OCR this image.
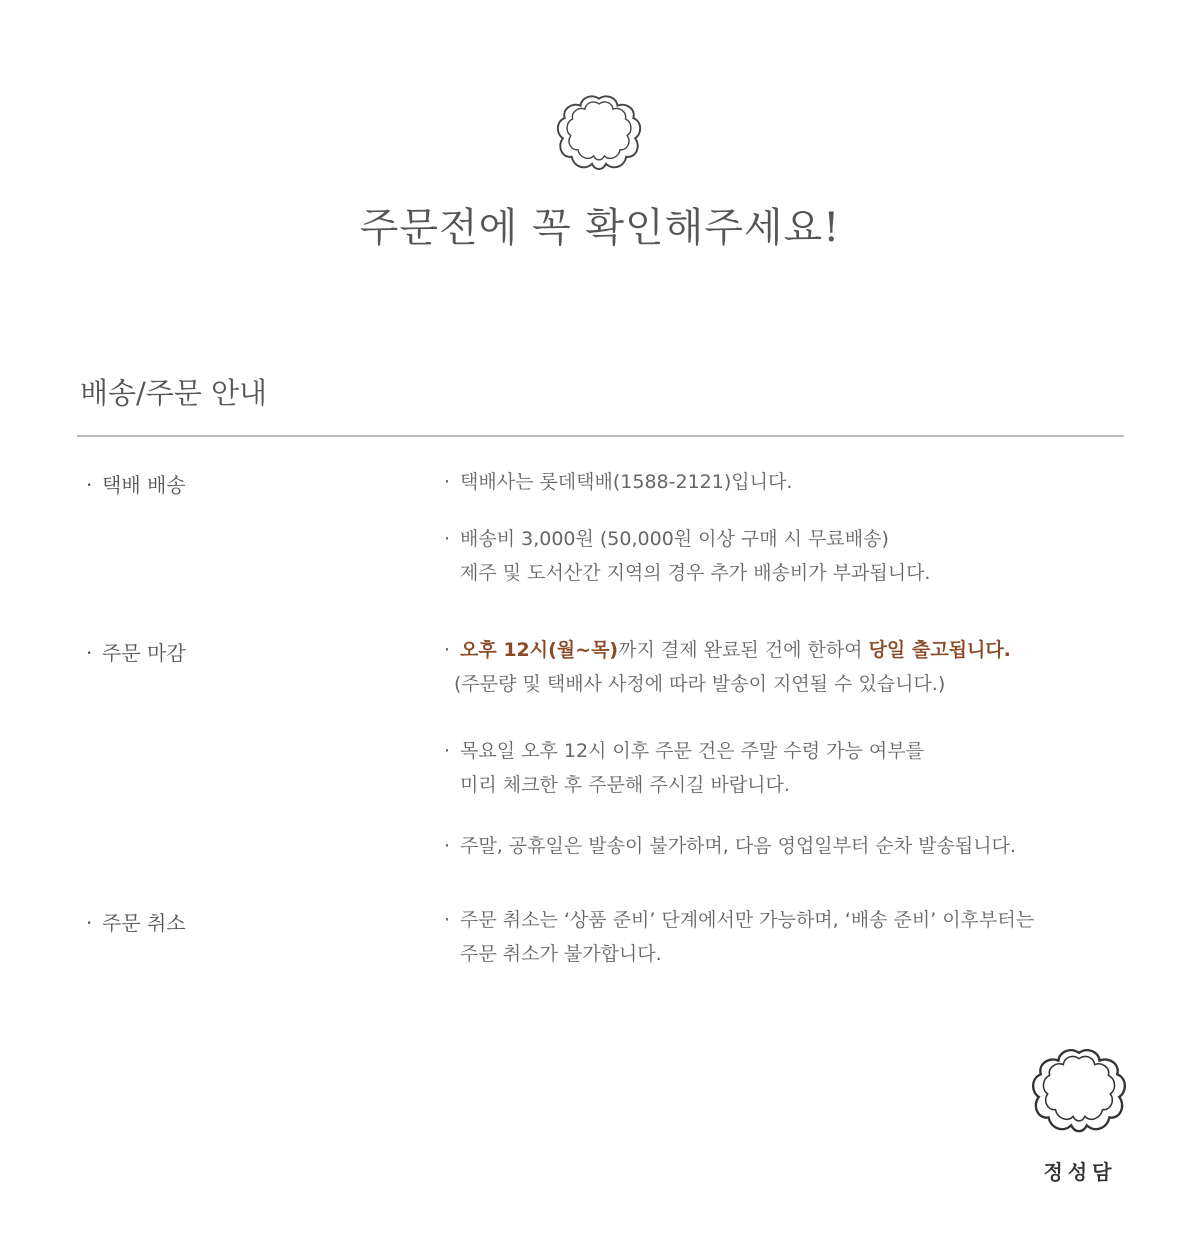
주문전에 꼭 확인해주세요!
배송/주문 안내
· 택배 배송	· 택배사는 롯데택배(1588-2121)입니다.
· 배송비 3,000원 (50,000원 이상 구매 시 무료배송)
제주 및 도서산간 지역의 경우 추가 배송비가 부과됩니다.
· 주문 마감	· 오후 12시(월~목)까지 결제 완료된 건에 한하여 당일 출고됩니다.
(주문량 및 택배사 사정에 따라 발송이 지연될 수 있습니다.)
· 목요일 오후 12시 이후 주문 건은 주말 수령 가능 여부를
미리 체크한 후 주문해 주시길 바랍니다.
· 주말, 공휴일은 발송이 불가하며, 다음 영업일부터 순차 발송됩니다.
· 주문 취소	· 주문 취소는 ‘상품 준비’ 단계에서만 가능하며, ‘배송 준비’ 이후부터는
주문 취소가 불가합니다.
정성담
